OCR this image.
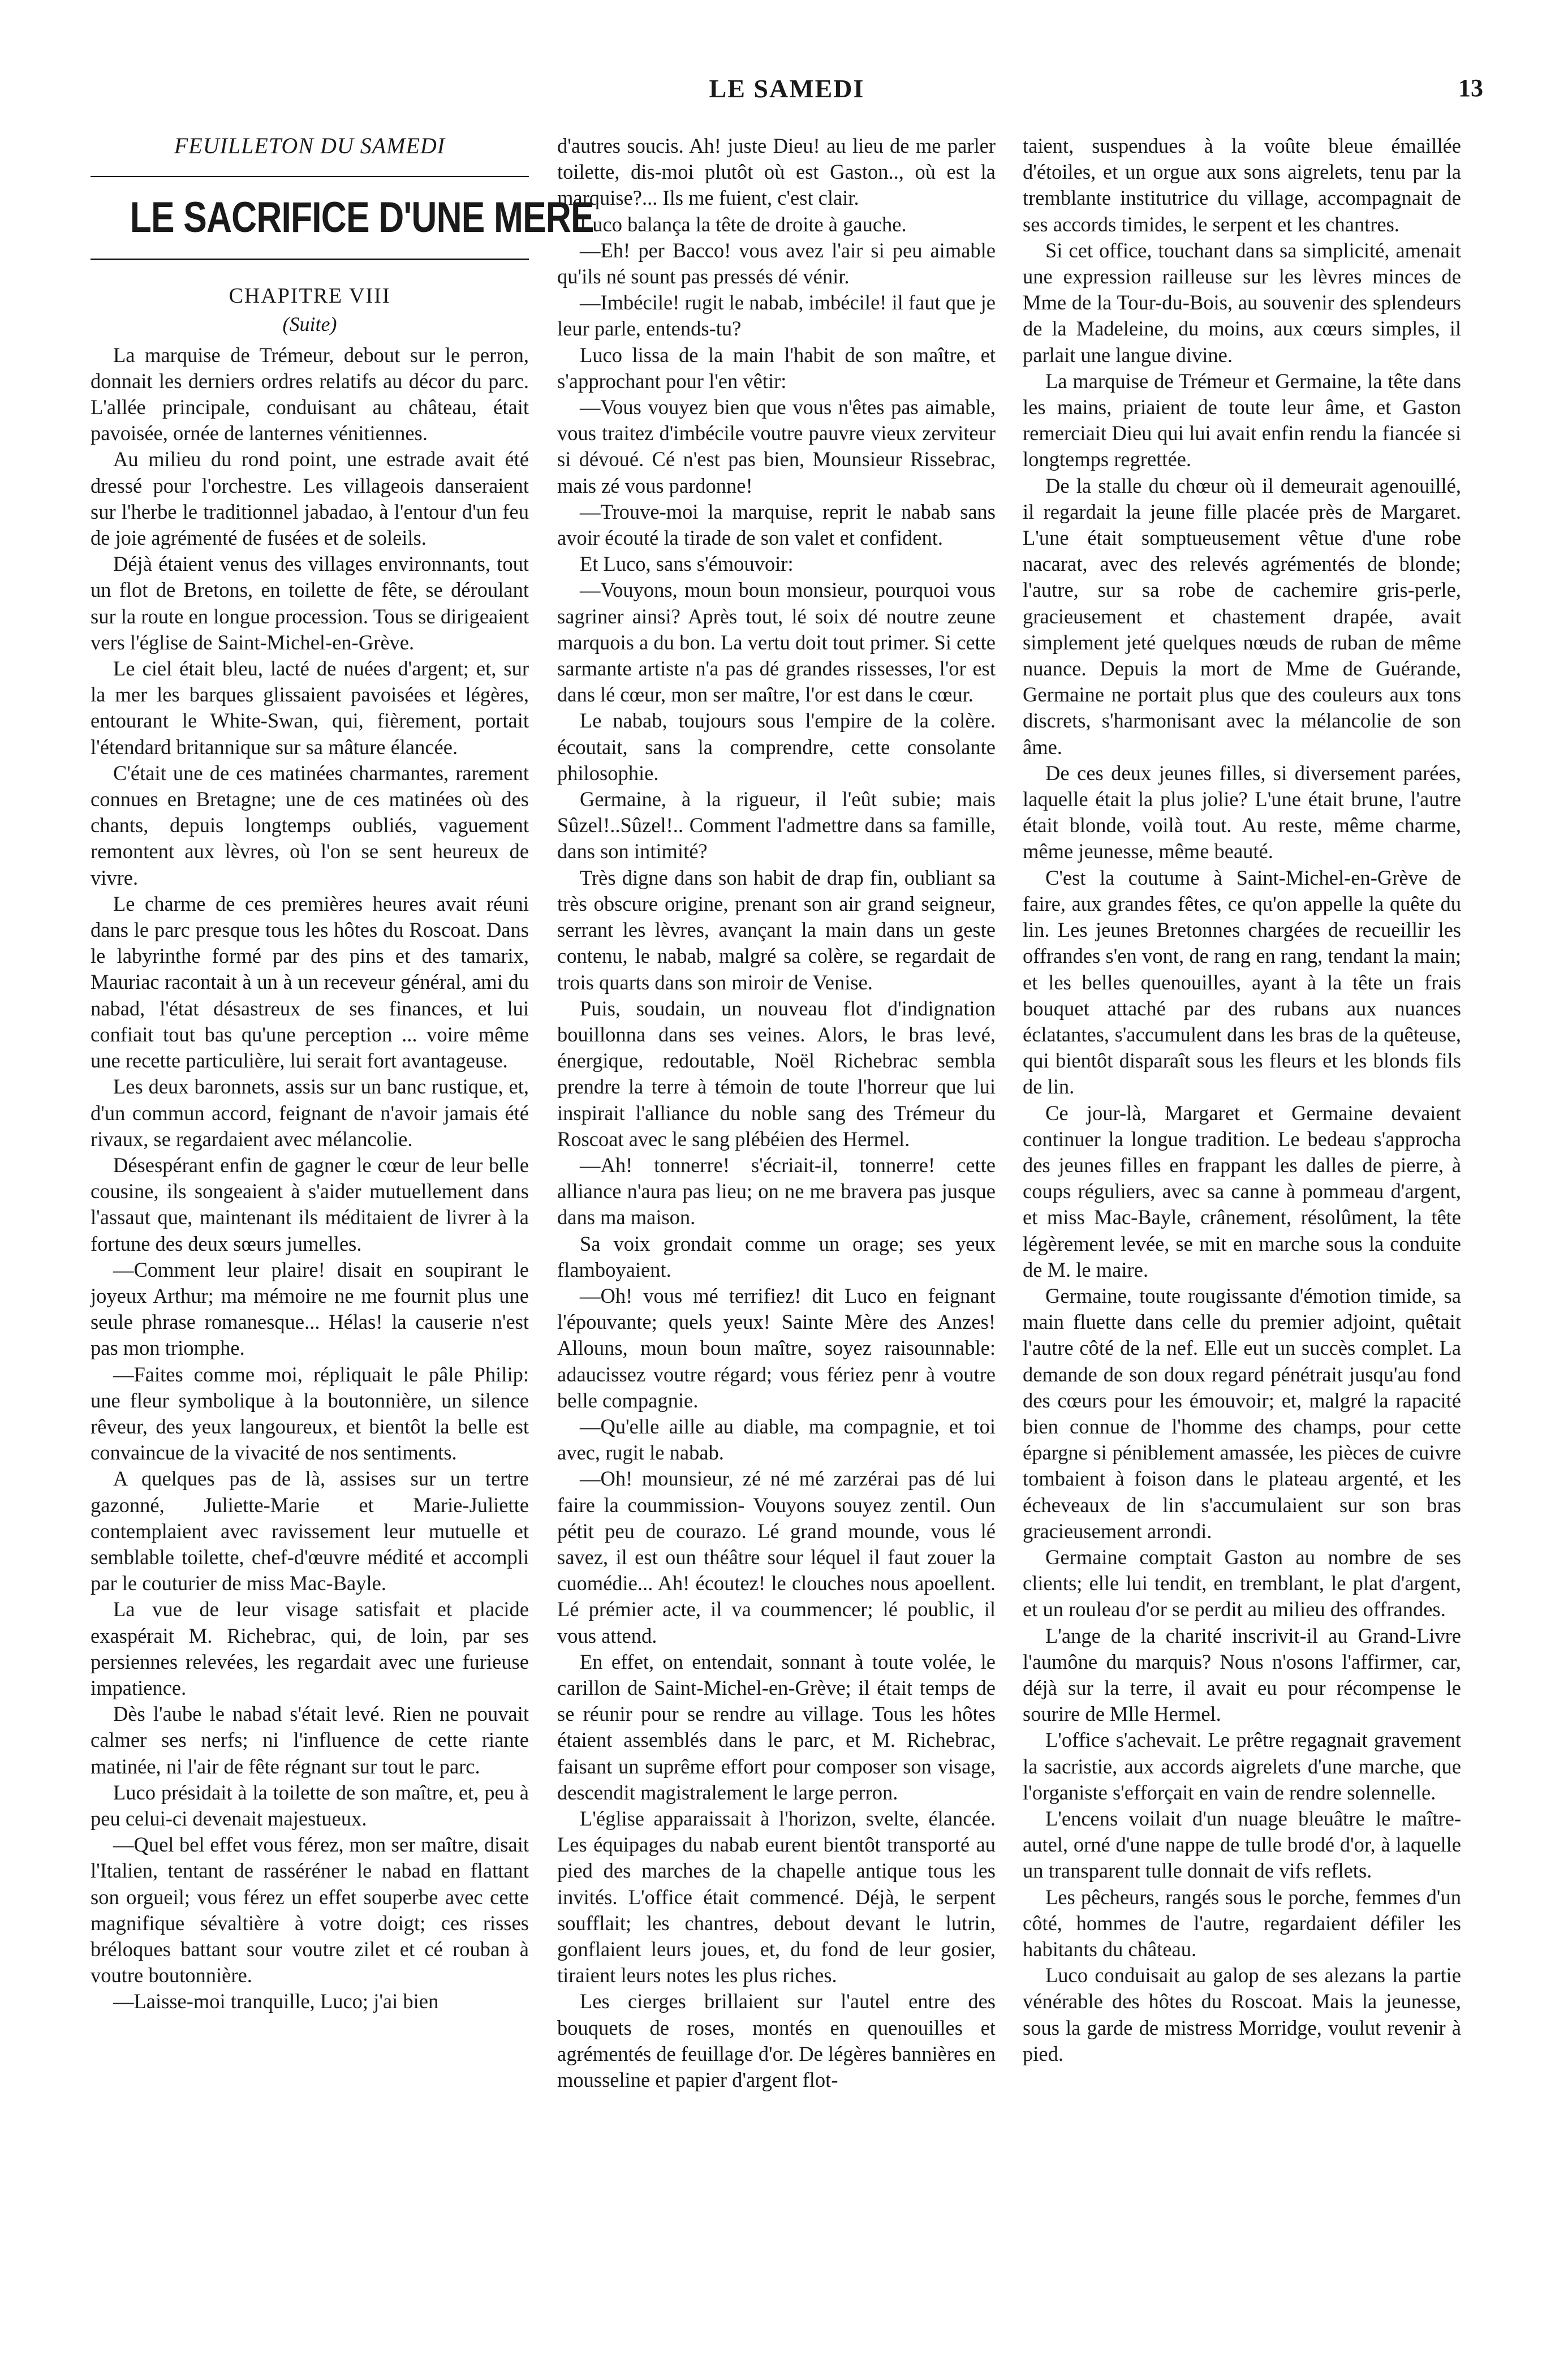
LE SAMEDI	13
FEUILLETON DU SAMEDI
LE SACRIFICE D'UNE MERE
CHAPITRE VIII
(Suite)

La marquise de Trémeur, debout sur le perron, donnait les derniers ordres relatifs au décor du parc. L'allée principale, conduisant au château, était pavoisée, ornée de lanternes vénitiennes.

Au milieu du rond point, une estrade avait été dressé pour l'orchestre. Les villageois danseraient sur l'herbe le traditionnel jabadao, à l'entour d'un feu de joie agrémenté de fusées et de soleils.

Déjà étaient venus des villages environnants, tout un flot de Bretons, en toilette de fête, se déroulant sur la route en longue procession. Tous se dirigeaient vers l'église de Saint-Michel-en-Grève.

Le ciel était bleu, lacté de nuées d'argent; et, sur la mer les barques glissaient pavoisées et légères, entourant le White-Swan, qui, fièrement, portait l'étendard britannique sur sa mâture élancée.

C'était une de ces matinées charmantes, rarement connues en Bretagne; une de ces matinées où des chants, depuis longtemps oubliés, vaguement remontent aux lèvres, où l'on se sent heureux de vivre.

Le charme de ces premières heures avait réuni dans le parc presque tous les hôtes du Roscoat. Dans le labyrinthe formé par des pins et des tamarix, Mauriac racontait à un à un receveur général, ami du nabad, l'état désastreux de ses finances, et lui confiait tout bas qu'une perception ... voire même une recette particulière, lui serait fort avantageuse.

Les deux baronnets, assis sur un banc rustique, et, d'un commun accord, feignant de n'avoir jamais été rivaux, se regardaient avec mélancolie.

Désespérant enfin de gagner le cœur de leur belle cousine, ils songeaient à s'aider mutuellement dans l'assaut que, maintenant ils méditaient de livrer à la fortune des deux sœurs jumelles.

—Comment leur plaire! disait en soupirant le joyeux Arthur; ma mémoire ne me fournit plus une seule phrase romanesque... Hélas! la causerie n'est pas mon triomphe.

—Faites comme moi, répliquait le pâle Philip: une fleur symbolique à la boutonnière, un silence rêveur, des yeux langoureux, et bientôt la belle est convaincue de la vivacité de nos sentiments.

A quelques pas de là, assises sur un tertre gazonné, Juliette-Marie et Marie-Juliette contemplaient avec ravissement leur mutuelle et semblable toilette, chef-d'œuvre médité et accompli par le couturier de miss Mac-Bayle.

La vue de leur visage satisfait et placide exaspérait M. Richebrac, qui, de loin, par ses persiennes relevées, les regardait avec une furieuse impatience.

Dès l'aube le nabad s'était levé. Rien ne pouvait calmer ses nerfs; ni l'influence de cette riante matinée, ni l'air de fête régnant sur tout le parc.

Luco présidait à la toilette de son maître, et, peu à peu celui-ci devenait majestueux.

—Quel bel effet vous férez, mon ser maître, disait l'Italien, tentant de rasséréner le nabad en flattant son orgueil; vous férez un effet souperbe avec cette magnifique sévaltière à votre doigt; ces risses brélоques battant sour voutre zilet et cé rouban à voutre boutonnière.

—Laisse-moi tranquille, Luco; j'ai bien

d'autres soucis. Ah! juste Dieu! au lieu de me parler toilette, dis-moi plutôt où est Gaston.., où est la marquise?... Ils me fuient, c'est clair.

Luco balança la tête de droite à gauche.

—Eh! per Bacco! vous avez l'air si peu aimable qu'ils né sount pas pressés dé vénir.

—Imbécile! rugit le nabab, imbécile! il faut que je leur parle, entends-tu?

Luco lissa de la main l'habit de son maître, et s'approchant pour l'en vêtir:

—Vous vouyez bien que vous n'êtes pas aimable, vous traitez d'imbécile voutre pauvre vieux zerviteur si dévoué. Cé n'est pas bien, Mounsieur Rissebrac, mais zé vous pardonne!

—Trouve-moi la marquise, reprit le nabab sans avoir écouté la tirade de son valet et confident.

Et Luco, sans s'émouvoir:

—Vouyons, moun boun monsieur, pourquoi vous sagriner ainsi? Après tout, lé soix dé noutre zeune marquois a du bon. La vertu doit tout primer. Si cette sarmante artiste n'a pas dé grandes rissesses, l'or est dans lé cœur, mon ser maître, l'or est dans le cœur.

Le nabab, toujours sous l'empire de la colère. écoutait, sans la comprendre, cette consolante philosophie.

Germaine, à la rigueur, il l'eût subie; mais Sûzel!..Sûzel!.. Comment l'admettre dans sa famille, dans son intimité?

Très digne dans son habit de drap fin, oubliant sa très obscure origine, prenant son air grand seigneur, serrant les lèvres, avançant la main dans un geste contenu, le nabab, malgré sa colère, se regardait de trois quarts dans son miroir de Venise.

Puis, soudain, un nouveau flot d'indignation bouillonna dans ses veines. Alors, le bras levé, énergique, redoutable, Noël Richebrac sembla prendre la terre à témoin de toute l'horreur que lui inspirait l'alliance du noble sang des Trémeur du Roscoat avec le sang plébéien des Hermel.

—Ah! tonnerre! s'écriait-il, tonnerre! cette alliance n'aura pas lieu; on ne me bravera pas jusque dans ma maison.

Sa voix grondait comme un orage; ses yeux flamboyaient.

—Oh! vous mé terrifiez! dit Luco en feignant l'épouvante; quels yeux! Sainte Mère des Anzes! Allouns, moun boun maître, soyez raisounnable: adaucissez voutre régard; vous fériez penr à voutre belle compagnie.

—Qu'elle aille au diable, ma compagnie, et toi avec, rugit le nabab.

—Oh! mounsieur, zé né mé zarzérai pas dé lui faire la coummission- Vouyons souyez zentil. Oun pétit peu de courazo. Lé grand mounde, vous lé savez, il est oun théâtre sour léquel il faut zouer la cuomédie... Ah! écoutez! le clouches nous apoellent. Lé prémier acte, il va coummencer; lé poublic, il vous attend.

En effet, on entendait, sonnant à toute volée, le carillon de Saint-Michel-en-Grève; il était temps de se réunir pour se rendre au village. Tous les hôtes étaient assemblés dans le parc, et M. Richebrac, faisant un suprême effort pour composer son visage, descendit magistralement le large perron.

L'église apparaissait à l'horizon, svelte, élancée. Les équipages du nabab eurent bientôt transporté au pied des marches de la chapelle antique tous les invités. L'office était commencé. Déjà, le serpent soufflait; les chantres, debout devant le lutrin, gonflaient leurs joues, et, du fond de leur gosier, tiraient leurs notes les plus riches.

Les cierges brillaient sur l'autel entre des bouquets de roses, montés en quenouilles et agrémentés de feuillage d'or. De légères bannières en mousseline et papier d'argent flot-

taient, suspendues à la voûte bleue émaillée d'étoiles, et un orgue aux sons aigrelets, tenu par la tremblante institutrice du village, accompagnait de ses accords timides, le serpent et les chantres.

Si cet office, touchant dans sa simplicité, amenait une expression railleuse sur les lèvres minces de Mme de la Tour-du-Bois, au souvenir des splendeurs de la Madeleine, du moins, aux cœurs simples, il parlait une langue divine.

La marquise de Trémeur et Germaine, la tête dans les mains, priaient de toute leur âme, et Gaston remerciait Dieu qui lui avait enfin rendu la fiancée si longtemps regrettée.

De la stalle du chœur où il demeurait agenouillé, il regardait la jeune fille placée près de Margaret. L'une était somptueusement vêtue d'une robe nacarat, avec des relevés agrémentés de blonde; l'autre, sur sa robe de cachemire gris-perle, gracieusement et chastement drapée, avait simplement jeté quelques nœuds de ruban de même nuance. Depuis la mort de Mme de Guérande, Germaine ne portait plus que des couleurs aux tons discrets, s'harmonisant avec la mélancolie de son âme.

De ces deux jeunes filles, si diversement parées, laquelle était la plus jolie? L'une était brune, l'autre était blonde, voilà tout. Au reste, même charme, même jeunesse, même beauté.

C'est la coutume à Saint-Michel-en-Grève de faire, aux grandes fêtes, ce qu'on appelle la quête du lin. Les jeunes Bretonnes chargées de recueillir les offrandes s'en vont, de rang en rang, tendant la main; et les belles quenouilles, ayant à la tête un frais bouquet attaché par des rubans aux nuances éclatantes, s'accumulent dans les bras de la quêteuse, qui bientôt disparaît sous les fleurs et les blonds fils de lin.

Ce jour-là, Margaret et Germaine devaient continuer la longue tradition. Le bedeau s'approcha des jeunes filles en frappant les dalles de pierre, à coups réguliers, avec sa canne à pommeau d'argent, et miss Mac-Bayle, crânement, résolûment, la tête légèrement levée, se mit en marche sous la conduite de M. le maire.

Germaine, toute rougissante d'émotion timide, sa main fluette dans celle du premier adjoint, quêtait l'autre côté de la nef. Elle eut un succès complet. La demande de son doux regard pénétrait jusqu'au fond des cœurs pour les émouvoir; et, malgré la rapacité bien connue de l'homme des champs, pour cette épargne si péniblement amassée, les pièces de cuivre tombaient à foison dans le plateau argenté, et les écheveaux de lin s'accumulaient sur son bras gracieusement arrondi.

Germaine comptait Gaston au nombre de ses clients; elle lui tendit, en tremblant, le plat d'argent, et un rouleau d'or se perdit au milieu des offrandes.

L'ange de la charité inscrivit-il au Grand-Livre l'aumône du marquis? Nous n'osons l'affirmer, car, déjà sur la terre, il avait eu pour récompense le sourire de Mlle Hermel.

L'office s'achevait. Le prêtre regagnait gravement la sacristie, aux accords aigrelets d'une marche, que l'organiste s'efforçait en vain de rendre solennelle.

L'encens voilait d'un nuage bleuâtre le maître-autel, orné d'une nappe de tulle brodé d'or, à laquelle un transparent tulle donnait de vifs reflets.

Les pêcheurs, rangés sous le porche, femmes d'un côté, hommes de l'autre, regardaient défiler les habitants du château.

Luco conduisait au galop de ses alezans la partie vénérable des hôtes du Roscoat. Mais la jeunesse, sous la garde de mistress Morridge, voulut revenir à pied.
